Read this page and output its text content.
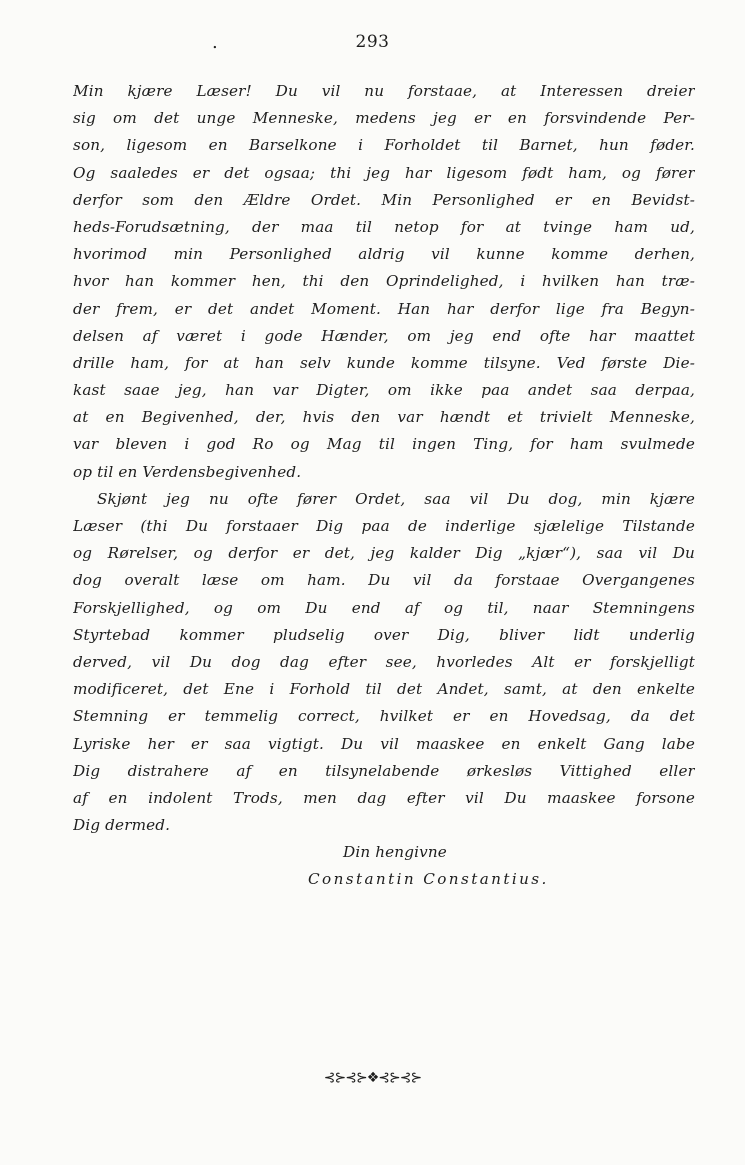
.	293
Min kjære Læser! Du vil nu forstaae, at Interessen dreier
sig om det unge Menneske, medens jeg er en forsvindende Per-
son, ligesom en Barselkone i Forholdet til Barnet, hun føder.
Og saaledes er det ogsaa; thi jeg har ligesom født ham, og fører
derfor som den Ældre Ordet. Min Personlighed er en Bevidst-
heds-Forudsætning, der maa til netop for at tvinge ham ud,
hvorimod min Personlighed aldrig vil kunne komme derhen,
hvor han kommer hen, thi den Oprindelighed, i hvilken han træ-
der frem, er det andet Moment. Han har derfor lige fra Begyn-
delsen af været i gode Hænder, om jeg end ofte har maattet
drille ham, for at han selv kunde komme tilsyne. Ved første Die-
kast saae jeg, han var Digter, om ikke paa andet saa derpaa,
at en Begivenhed, der, hvis den var hændt et trivielt Menneske,
var bleven i god Ro og Mag til ingen Ting, for ham svulmede
op til en Verdensbegivenhed.
Skjønt jeg nu ofte fører Ordet, saa vil Du dog, min kjære
Læser (thi Du forstaaer Dig paa de inderlige sjælelige Tilstande
og Rørelser, og derfor er det, jeg kalder Dig „kjær“), saa vil Du
dog overalt læse om ham. Du vil da forstaae Overgangenes
Forskjellighed, og om Du end af og til, naar Stemningens
Styrtebad kommer pludselig over Dig, bliver lidt underlig
derved, vil Du dog dag efter see, hvorledes Alt er forskjelligt
modificeret, det Ene i Forhold til det Andet, samt, at den enkelte
Stemning er temmelig correct, hvilket er en Hovedsag, da det
Lyriske her er saa vigtigt. Du vil maaskee en enkelt Gang labe
Dig distrahere af en tilsynelabende ørkesløs Vittighed eller
af en indolent Trods, men dag efter vil Du maaskee forsone
Dig dermed.
Din hengivne
Constantin Constantius.
⊰⊱⊰⊱❖⊰⊱⊰⊱
